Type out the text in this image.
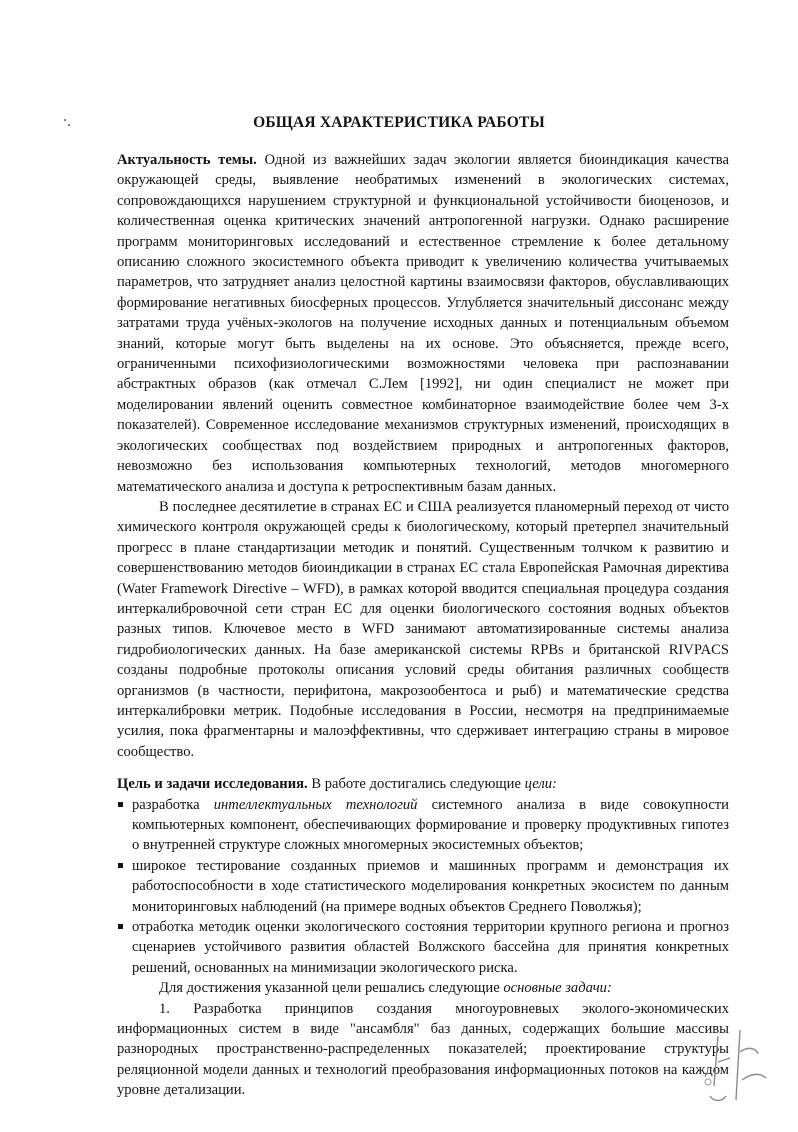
ОБЩАЯ ХАРАКТЕРИСТИКА РАБОТЫ

Актуальность темы. Одной из важнейших задач экологии является биоиндикация качества окружающей среды, выявление необратимых изменений в экологических системах, сопровождающихся нарушением структурной и функциональной устойчивости биоценозов, и количественная оценка критических значений антропогенной нагрузки. Однако расширение программ мониторинговых исследований и естественное стремление к более детальному описанию сложного экосистемного объекта приводит к увеличению количества учитываемых параметров, что затрудняет анализ целостной картины взаимосвязи факторов, обуславливающих формирование негативных биосферных процессов. Углубляется значительный диссонанс между затратами труда учёных-экологов на получение исходных данных и потенциальным объемом знаний, которые могут быть выделены на их основе. Это объясняется, прежде всего, ограниченными психофизиологическими возможностями человека при распознавании абстрактных образов (как отмечал С.Лем [1992], ни один специалист не может при моделировании явлений оценить совместное комбинаторное взаимодействие более чем 3-х показателей). Современное исследование механизмов структурных изменений, происходящих в экологических сообществах под воздействием природных и антропогенных факторов, невозможно без использования компьютерных технологий, методов многомерного математического анализа и доступа к ретроспективным базам данных.

В последнее десятилетие в странах ЕС и США реализуется планомерный переход от чисто химического контроля окружающей среды к биологическому, который претерпел значительный прогресс в плане стандартизации методик и понятий. Существенным толчком к развитию и совершенствованию методов биоиндикации в странах ЕС стала Европейская Рамочная директива (Water Framework Directive – WFD), в рамках которой вводится специальная процедура создания интеркалибровочной сети стран ЕС для оценки биологического состояния водных объектов разных типов. Ключевое место в WFD занимают автоматизированные системы анализа гидробиологических данных. На базе американской системы RPBs и британской RIVPACS созданы подробные протоколы описания условий среды обитания различных сообществ организмов (в частности, перифитона, макрозообентоса и рыб) и математические средства интеркалибровки метрик. Подобные исследования в России, несмотря на предпринимаемые усилия, пока фрагментарны и малоэффективны, что сдерживает интеграцию страны в мировое сообщество.

Цель и задачи исследования. В работе достигались следующие цели:

разработка интеллектуальных технологий системного анализа в виде совокупности компьютерных компонент, обеспечивающих формирование и проверку продуктивных гипотез о внутренней структуре сложных многомерных экосистемных объектов;
широкое тестирование созданных приемов и машинных программ и демонстрация их работоспособности в ходе статистического моделирования конкретных экосистем по данным мониторинговых наблюдений (на примере водных объектов Среднего Поволжья);
отработка методик оценки экологического состояния территории крупного региона и прогноз сценариев устойчивого развития областей Волжского бассейна для принятия конкретных решений, основанных на минимизации экологического риска.

Для достижения указанной цели решались следующие основные задачи:

1. Разработка принципов создания многоуровневых эколого-экономических информационных систем в виде "ансамбля" баз данных, содержащих большие массивы разнородных пространственно-распределенных показателей; проектирование структуры реляционной модели данных и технологий преобразования информационных потоков на каждом уровне детализации.
